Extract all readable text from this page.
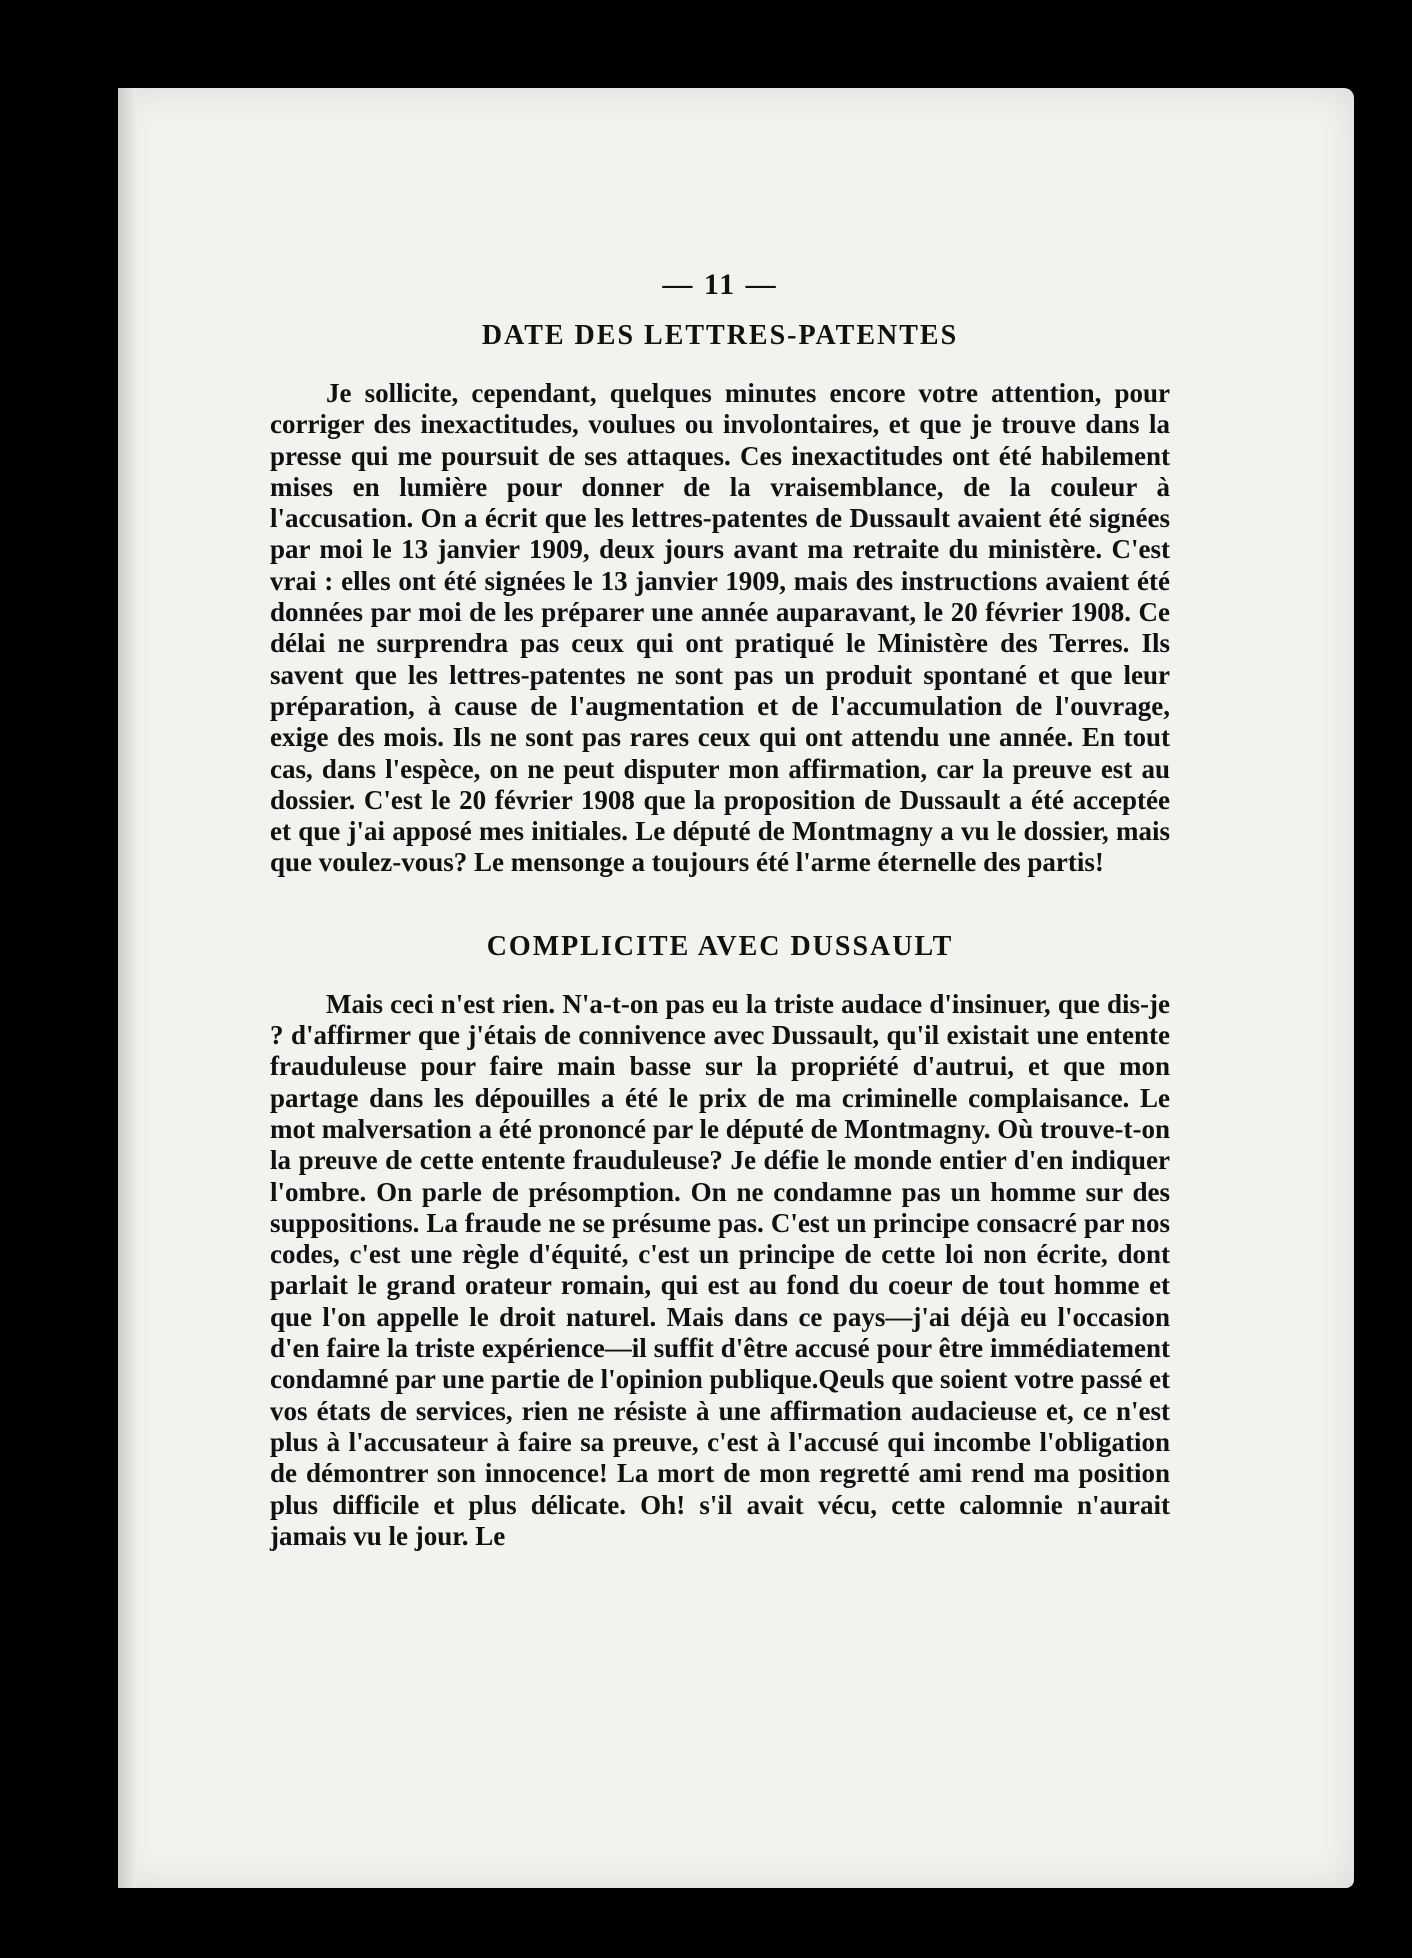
— 11 —
DATE DES LETTRES-PATENTES

Je sollicite, cependant, quelques minutes encore votre attention, pour corriger des inexactitudes, voulues ou involontaires, et que je trouve dans la presse qui me poursuit de ses attaques. Ces inexactitudes ont été habilement mises en lumière pour donner de la vraisemblance, de la couleur à l'accusation. On a écrit que les lettres-patentes de Dussault avaient été signées par moi le 13 janvier 1909, deux jours avant ma retraite du ministère. C'est vrai : elles ont été signées le 13 janvier 1909, mais des instructions avaient été données par moi de les préparer une année auparavant, le 20 février 1908. Ce délai ne surprendra pas ceux qui ont pratiqué le Ministère des Terres. Ils savent que les lettres-patentes ne sont pas un produit spontané et que leur préparation, à cause de l'augmentation et de l'accumulation de l'ouvrage, exige des mois. Ils ne sont pas rares ceux qui ont attendu une année. En tout cas, dans l'espèce, on ne peut disputer mon affirmation, car la preuve est au dossier. C'est le 20 février 1908 que la proposition de Dussault a été acceptée et que j'ai apposé mes initiales. Le député de Montmagny a vu le dossier, mais que voulez-vous? Le mensonge a toujours été l'arme éternelle des partis!

COMPLICITE AVEC DUSSAULT

Mais ceci n'est rien. N'a-t-on pas eu la triste audace d'insinuer, que dis-je ? d'affirmer que j'étais de connivence avec Dussault, qu'il existait une entente frauduleuse pour faire main basse sur la propriété d'autrui, et que mon partage dans les dépouilles a été le prix de ma criminelle complaisance. Le mot malversation a été prononcé par le député de Montmagny. Où trouve-t-on la preuve de cette entente frauduleuse? Je défie le monde entier d'en indiquer l'ombre. On parle de présomption. On ne condamne pas un homme sur des suppositions. La fraude ne se présume pas. C'est un principe consacré par nos codes, c'est une règle d'équité, c'est un principe de cette loi non écrite, dont parlait le grand orateur romain, qui est au fond du coeur de tout homme et que l'on appelle le droit naturel. Mais dans ce pays—j'ai déjà eu l'occasion d'en faire la triste expérience—il suffit d'être accusé pour être immédiatement condamné par une partie de l'opinion publique.Qeuls que soient votre passé et vos états de services, rien ne résiste à une affirmation audacieuse et, ce n'est plus à l'accusateur à faire sa preuve, c'est à l'accusé qui incombe l'obligation de démontrer son innocence! La mort de mon regretté ami rend ma position plus difficile et plus délicate. Oh! s'il avait vécu, cette calomnie n'aurait jamais vu le jour. Le
